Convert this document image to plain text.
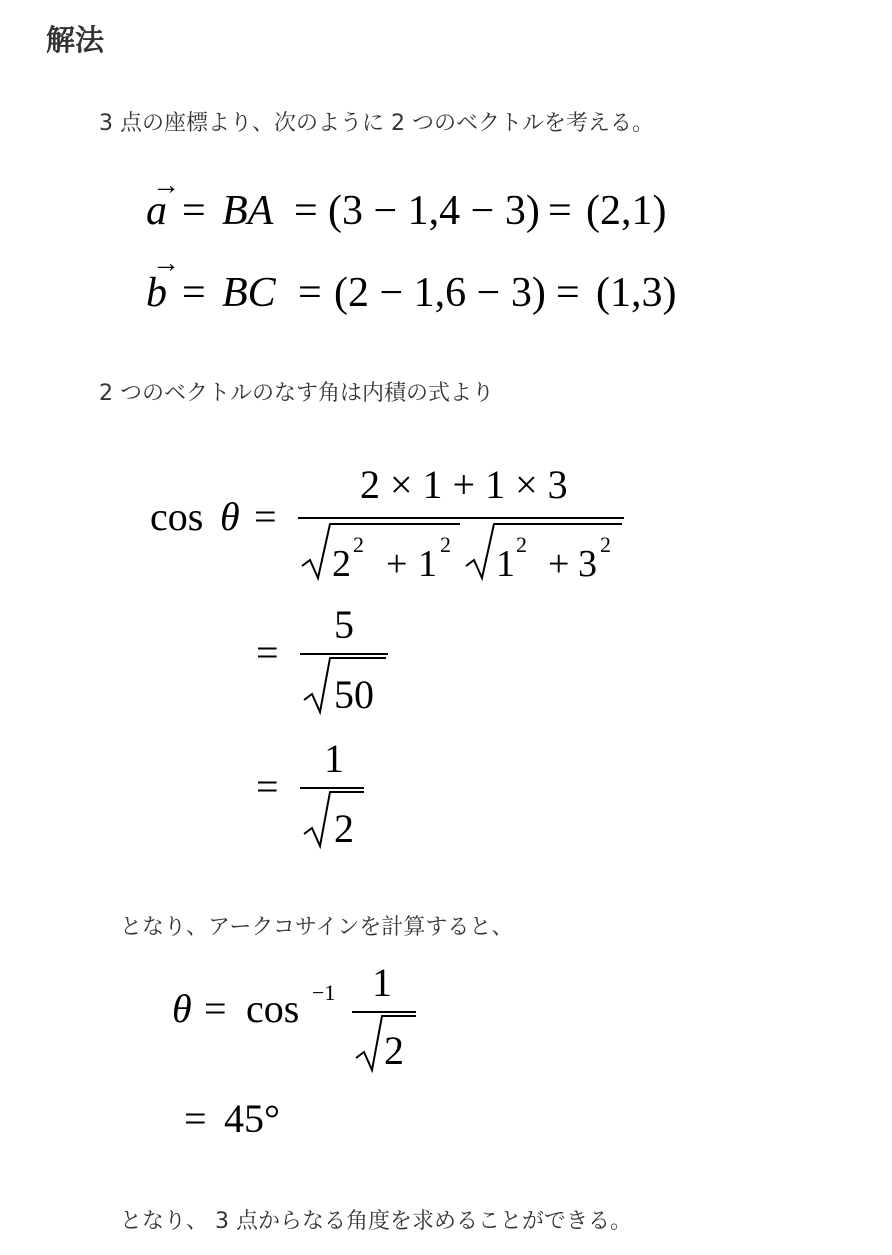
解法
3 点の座標より、次のように 2 つのベクトルを考える。
→
a = BA = (3 − 1,4 − 3) = (2,1)
→
b = BC = (2 − 1,6 − 3) = (1,3)
2 つのベクトルのなす角は内積の式より
cos θ =
2 × 1 + 1 × 3
2 2 + 1 2 1 2 + 3 2
=
5
50
=
1
2
となり、アークコサインを計算すると、
θ = cos −1 1
2
= 45°
となり、 3 点からなる角度を求めることができる。
